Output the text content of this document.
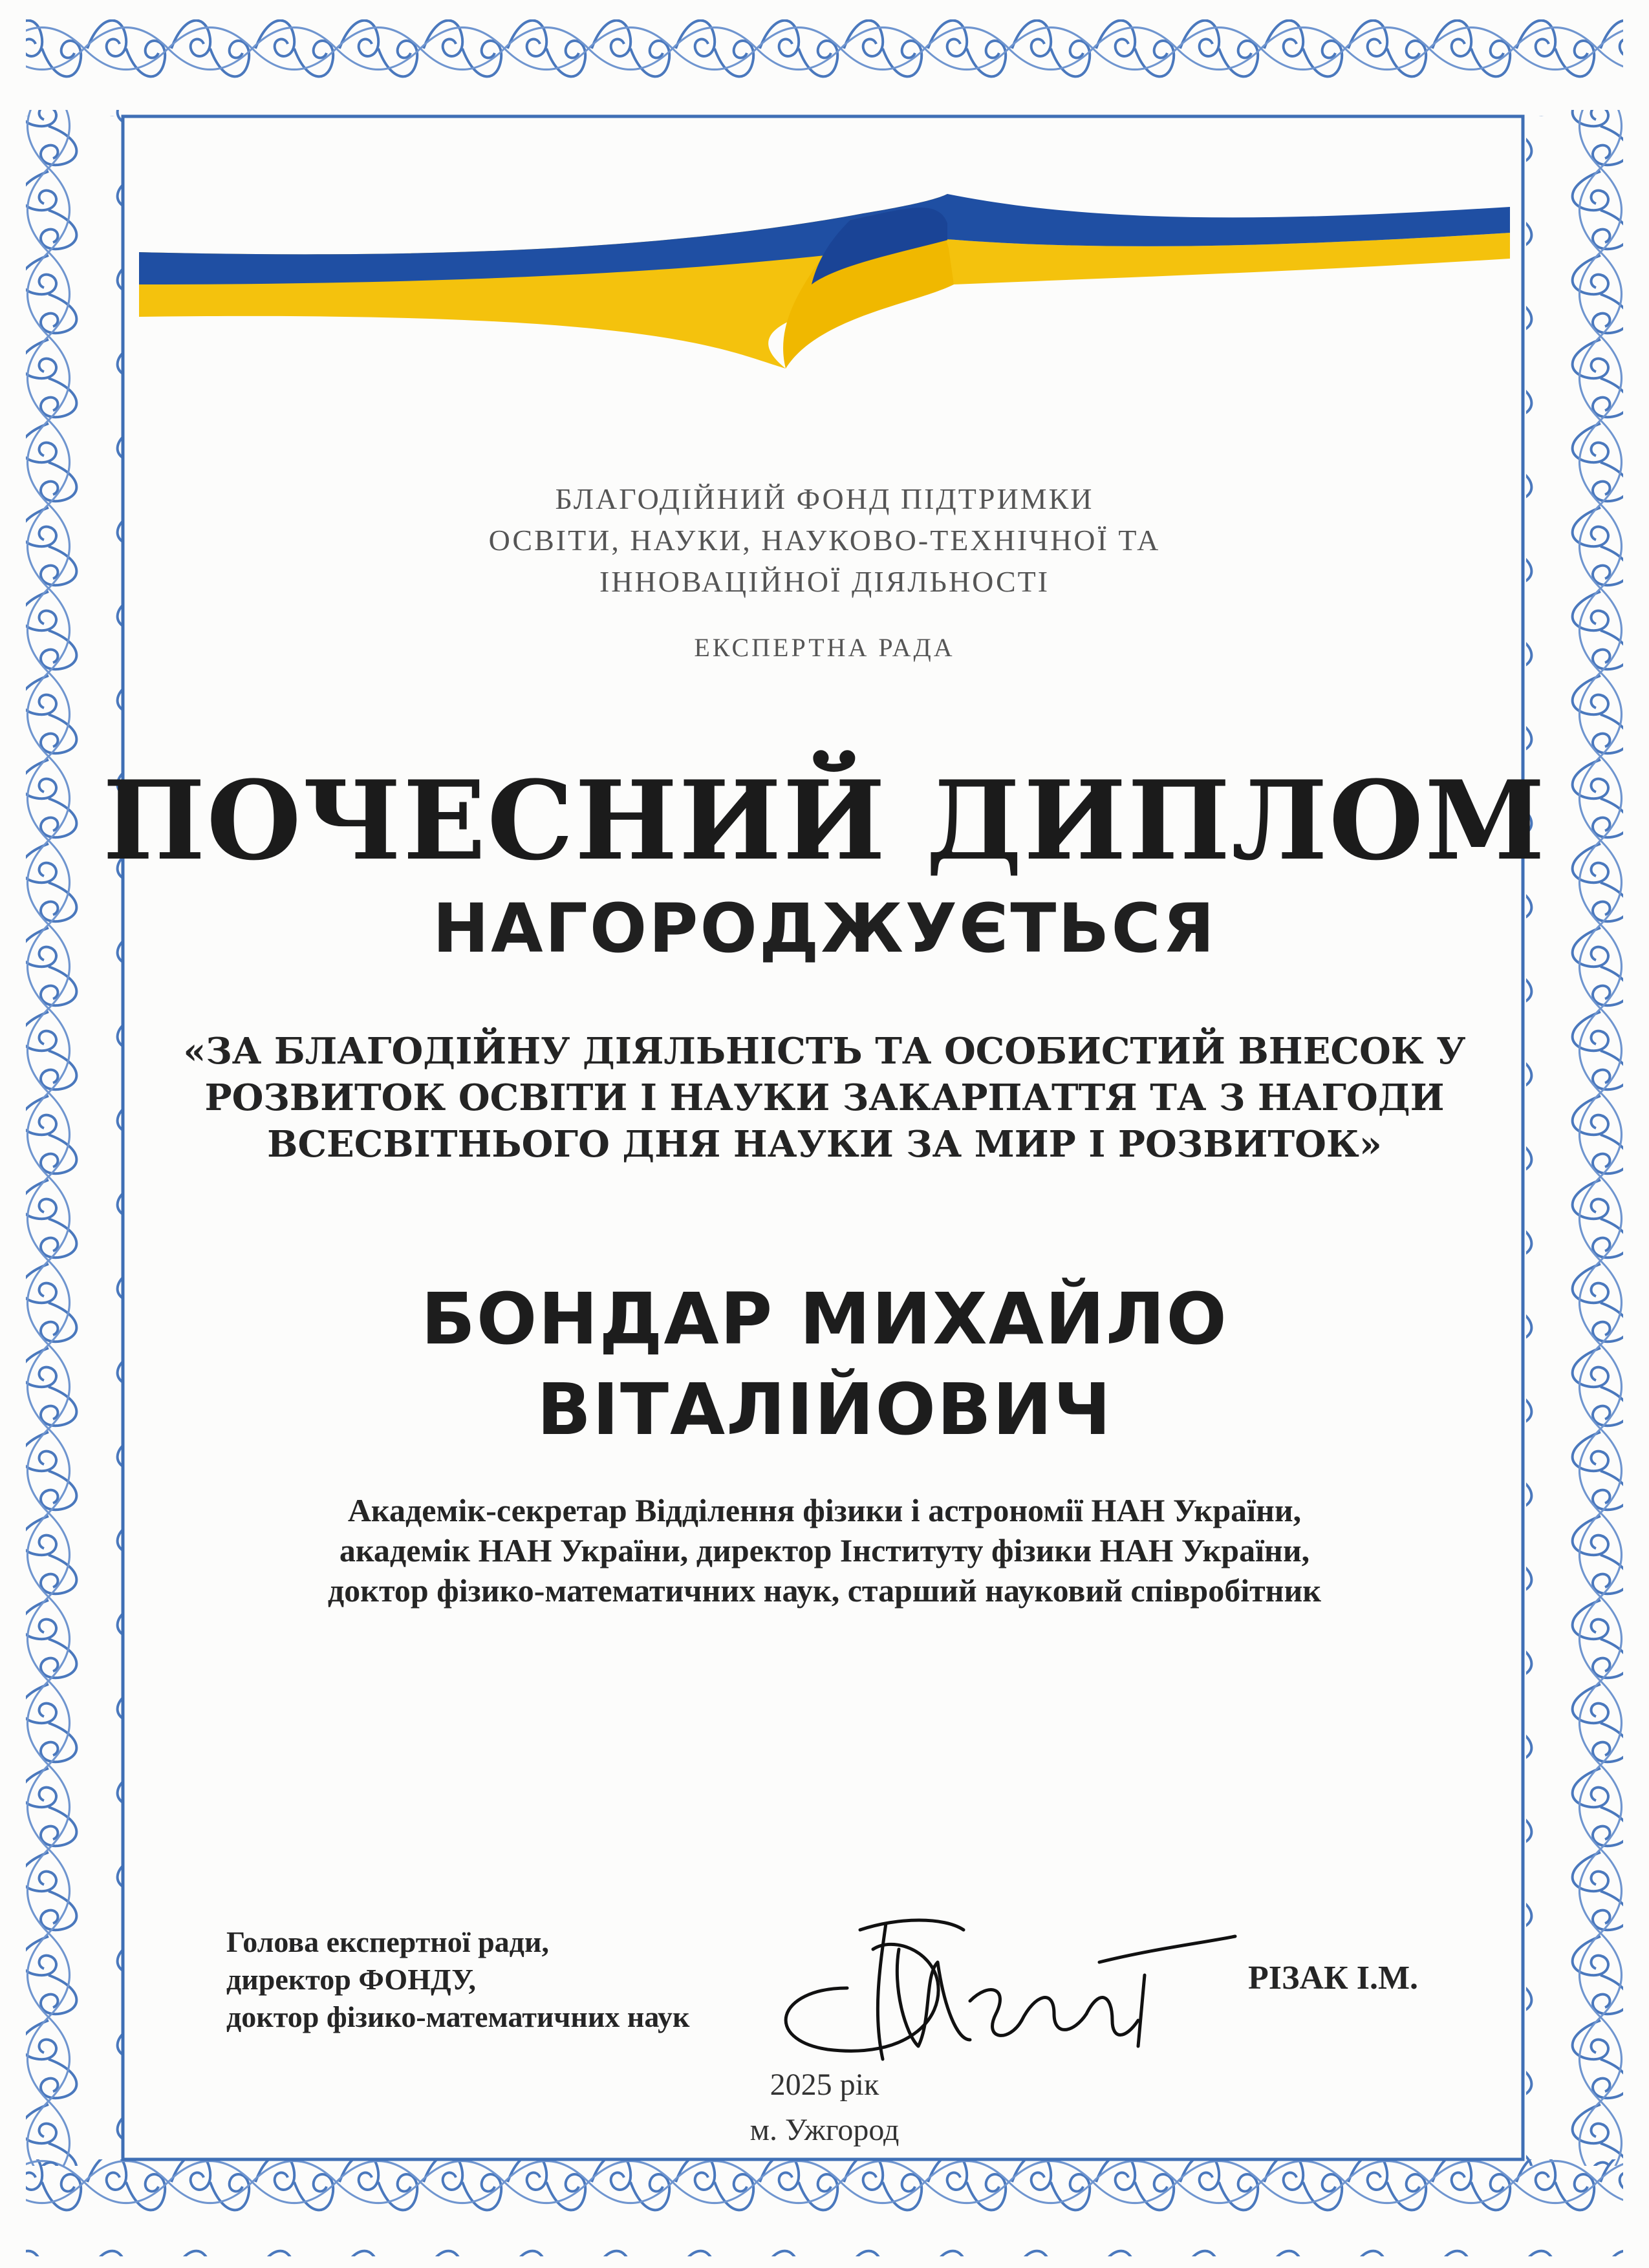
БЛАГОДІЙНИЙ ФОНД ПІДТРИМКИ
ОСВІТИ, НАУКИ, НАУКОВО-ТЕХНІЧНОЇ ТА
ІННОВАЦІЙНОЇ ДІЯЛЬНОСТІ
ЕКСПЕРТНА РАДА
ПОЧЕСНИЙ ДИПЛОМ
НАГОРОДЖУЄТЬСЯ
«ЗА БЛАГОДІЙНУ ДІЯЛЬНІСТЬ ТА ОСОБИСТИЙ ВНЕСОК У
РОЗВИТОК ОСВІТИ І НАУКИ ЗАКАРПАТТЯ ТА З НАГОДИ
ВСЕСВІТНЬОГО ДНЯ НАУКИ ЗА МИР І РОЗВИТОК»
БОНДАР МИХАЙЛО
ВІТАЛІЙОВИЧ
Академік-секретар Відділення фізики і астрономії НАН України,
академік НАН України, директор Інституту фізики НАН України,
доктор фізико-математичних наук, старший науковий співробітник
Голова експертної ради,
директор ФОНДУ,
доктор фізико-математичних наук
РІЗАК І.М.
2025 рік
м. Ужгород
